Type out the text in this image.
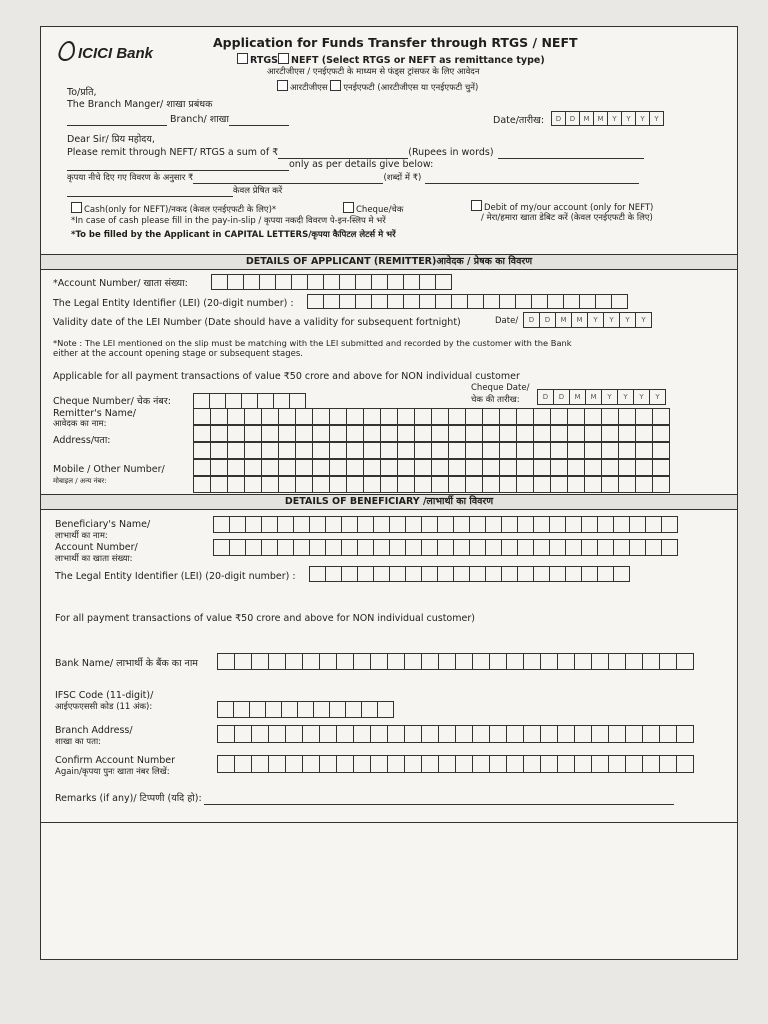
ICICI Bank
Application for Funds Transfer through RTGS / NEFT
RTGS NEFT (Select RTGS or NEFT as remittance type)
आरटीजीएस / एनईएफटी के माध्यम से फंड्स ट्रांसफर के लिए आवेदन
आरटीजीएस एनईएफटी (आरटीजीएस या एनईएफटी चुनें)
To/प्रति,
The Branch Manger/ शाखा प्रबंधक
Branch/ शाखा	Date/तारीख:	D	D	M	M	Y	Y	Y	Y
Dear Sir/ प्रिय महोदय,
Please remit through NEFT/ RTGS a sum of ₹	(Rupees in words)
only as per details give below:
कृपया नीचे दिए गए विवरण के अनुसार ₹	(शब्दों में ₹)
केवल प्रेषित करें
Cash(only for NEFT)/नकद (केवल एनईएफटी के लिए)*	Cheque/चेक	Debit of my/our account (only for NEFT)
/ मेरा/हमारा खाता डेबिट करें (केवल एनईएफटी के लिए)
*In case of cash please fill in the pay-in-slip / कृपया नकदी विवरण पे-इन-स्लिप मे भरें
*To be filled by the Applicant in CAPITAL LETTERS/कृपया कैपिटल लेटर्स मे भरें
DETAILS OF APPLICANT (REMITTER)आवेदक / प्रेषक का विवरण
*Account Number/ खाता संख्या:
The Legal Entity Identifier (LEI) (20-digit number) :
Validity date of the LEI Number (Date should have a validity for subsequent fortnight)	Date/	D	D	M	M	Y	Y	Y	Y
*Note : The LEI mentioned on the slip must be matching with the LEI submitted and recorded by the customer with the Bank
either at the account opening stage or subsequent stages.
Applicable for all payment transactions of value ₹50 crore and above for NON individual customer
Cheque Date/
चेक की तारीख:	D	D	M	M	Y	Y	Y	Y
Cheque Number/ चेक नंबर:
Remitter's Name/
आवेदक का नाम:
Address/पता:
Mobile / Other Number/
मोबाइल / अन्य नंबर:
DETAILS OF BENEFICIARY /लाभार्थी का विवरण
Beneficiary's Name/
लाभार्थी का नाम:
Account Number/
लाभार्थी का खाता संख्या:
The Legal Entity Identifier (LEI) (20-digit number) :
For all payment transactions of value ₹50 crore and above for NON individual customer)
Bank Name/ लाभार्थी के बैंक का नाम
IFSC Code (11-digit)/
आईएफएससी कोड (11 अंक):
Branch Address/
शाखा का पता:
Confirm Account Number
Again/कृपया पुनः खाता नंबर लिखें:
Remarks (if any)/ टिप्पणी (यदि हो):
